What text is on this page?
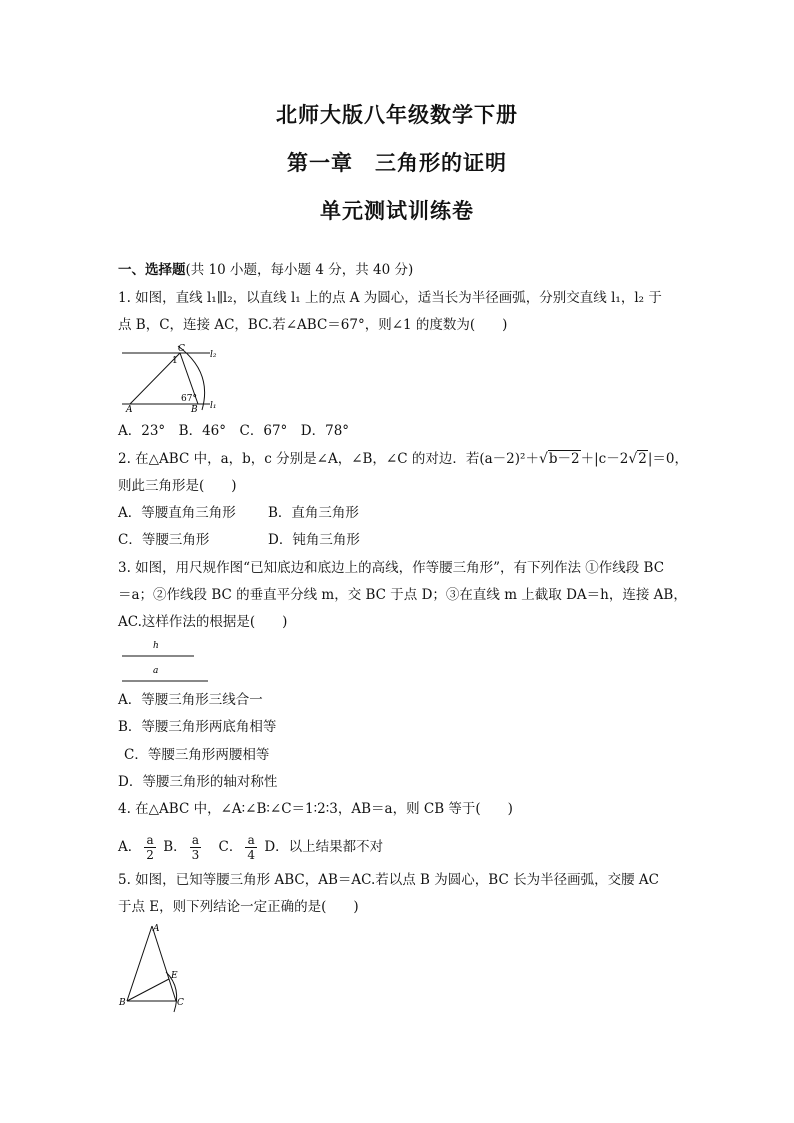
北师大版八年级数学下册
第一章　三角形的证明
单元测试训练卷
一、选择题(共 10 小题，每小题 4 分，共 40 分)
1. 如图，直线 l₁∥l₂，以直线 l₁ 上的点 A 为圆心，适当长为半径画弧，分别交直线 l₁，l₂ 于
点 B，C，连接 AC，BC.若∠ABC＝67°，则∠1 的度数为(　　)
A	B
C
1
67°
l₁
l₂
A．23°　B．46°　C．67°　D．78°
2. 在△ABC 中，a，b，c 分别是∠A，∠B，∠C 的对边．若(a－2)²＋√b－2＋|c－2√2|＝0，
则此三角形是(　　)
A．等腰直角三角形 B．直角三角形
C．等腰三角形	D．钝角三角形
3. 如图，用尺规作图“已知底边和底边上的高线，作等腰三角形”，有下列作法 ①作线段 BC
＝a；②作线段 BC 的垂直平分线 m，交 BC 于点 D；③在直线 m 上截取 DA＝h，连接 AB，
AC.这样作法的根据是(　　)
h
a
A．等腰三角形三线合一
B．等腰三角形两底角相等
C．等腰三角形两腰相等
D．等腰三角形的轴对称性
4. 在△ABC 中，∠A∶∠B∶∠C＝1∶2∶3，AB＝a，则 CB 等于(　　)
A． $\frac{a}{2}$ B． $\frac{a}{3}$ C． $\frac{a}{4}$ D．以上结果都不对
5. 如图，已知等腰三角形 ABC，AB＝AC.若以点 B 为圆心，BC 长为半径画弧，交腰 AC
于点 E，则下列结论一定正确的是(　　)
A
B	C
E
